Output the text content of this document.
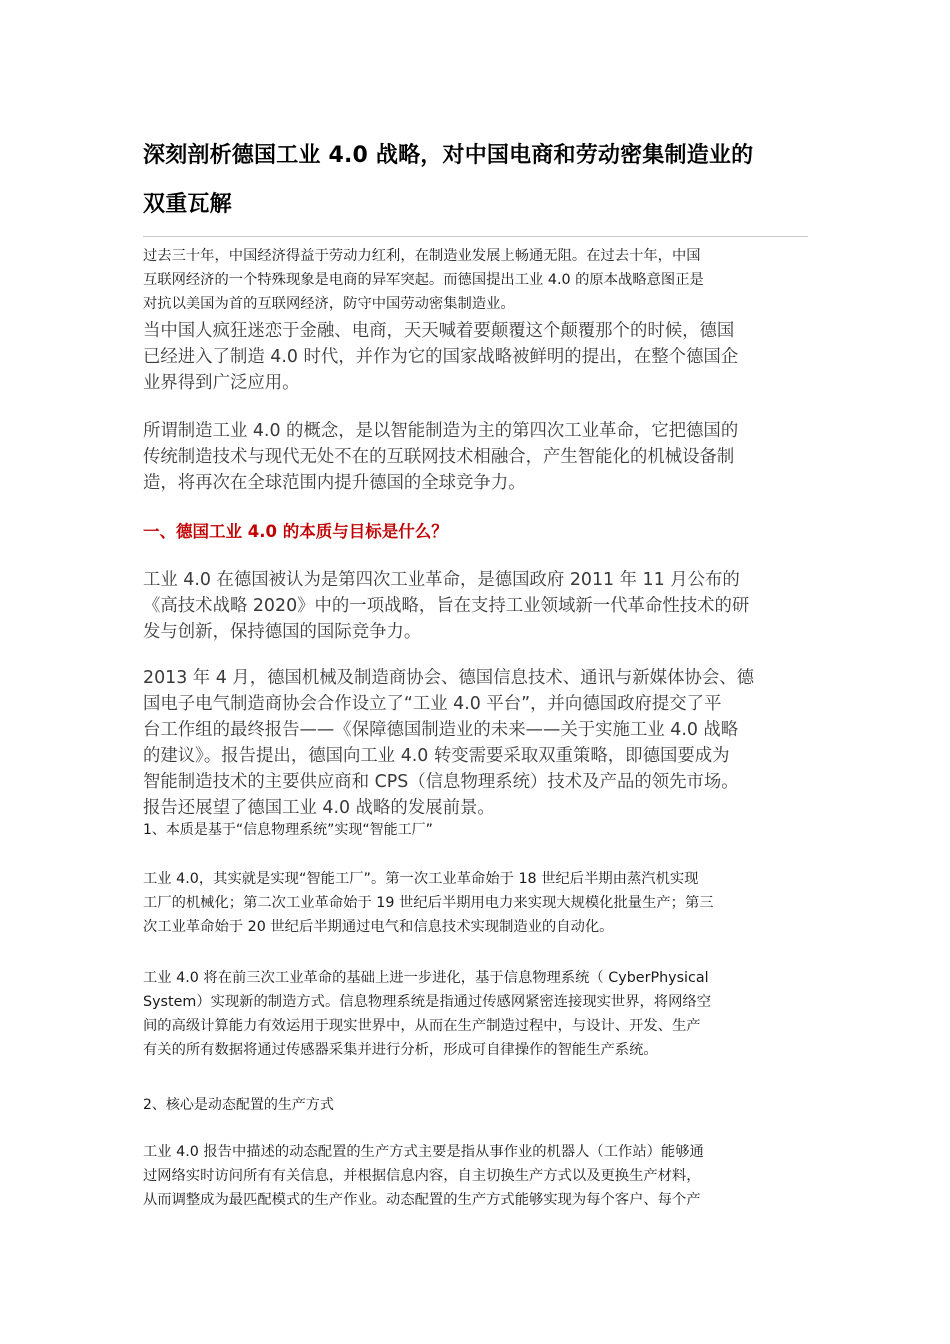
深刻剖析德国工业 4.0 战略，对中国电商和劳动密集制造业的
双重瓦解
过去三十年，中国经济得益于劳动力红利，在制造业发展上畅通无阻。在过去十年，中国
互联网经济的一个特殊现象是电商的异军突起。而德国提出工业 4.0 的原本战略意图正是
对抗以美国为首的互联网经济，防守中国劳动密集制造业。
当中国人疯狂迷恋于金融、电商，天天喊着要颠覆这个颠覆那个的时候，德国
已经进入了制造 4.0 时代，并作为它的国家战略被鲜明的提出，在整个德国企
业界得到广泛应用。
所谓制造工业 4.0 的概念，是以智能制造为主的第四次工业革命，它把德国的
传统制造技术与现代无处不在的互联网技术相融合，产生智能化的机械设备制
造，将再次在全球范围内提升德国的全球竞争力。
一、德国工业 4.0 的本质与目标是什么？
工业 4.0 在德国被认为是第四次工业革命，是德国政府 2011 年 11 月公布的
《高技术战略 2020》中的一项战略，旨在支持工业领域新一代革命性技术的研
发与创新，保持德国的国际竞争力。
2013 年 4 月，德国机械及制造商协会、德国信息技术、通讯与新媒体协会、德
国电子电气制造商协会合作设立了“工业 4.0 平台”，并向德国政府提交了平
台工作组的最终报告——《保障德国制造业的未来——关于实施工业 4.0 战略
的建议》。报告提出，德国向工业 4.0 转变需要采取双重策略，即德国要成为
智能制造技术的主要供应商和 CPS（信息物理系统）技术及产品的领先市场。
报告还展望了德国工业 4.0 战略的发展前景。
1、本质是基于“信息物理系统”实现“智能工厂”
工业 4.0，其实就是实现“智能工厂”。第一次工业革命始于 18 世纪后半期由蒸汽机实现
工厂的机械化；第二次工业革命始于 19 世纪后半期用电力来实现大规模化批量生产；第三
次工业革命始于 20 世纪后半期通过电气和信息技术实现制造业的自动化。
工业 4.0 将在前三次工业革命的基础上进一步进化，基于信息物理系统（ CyberPhysical
System）实现新的制造方式。信息物理系统是指通过传感网紧密连接现实世界，将网络空
间的高级计算能力有效运用于现实世界中，从而在生产制造过程中，与设计、开发、生产
有关的所有数据将通过传感器采集并进行分析，形成可自律操作的智能生产系统。
2、核心是动态配置的生产方式
工业 4.0 报告中描述的动态配置的生产方式主要是指从事作业的机器人（工作站）能够通
过网络实时访问所有有关信息，并根据信息内容，自主切换生产方式以及更换生产材料，
从而调整成为最匹配模式的生产作业。动态配置的生产方式能够实现为每个客户、每个产
